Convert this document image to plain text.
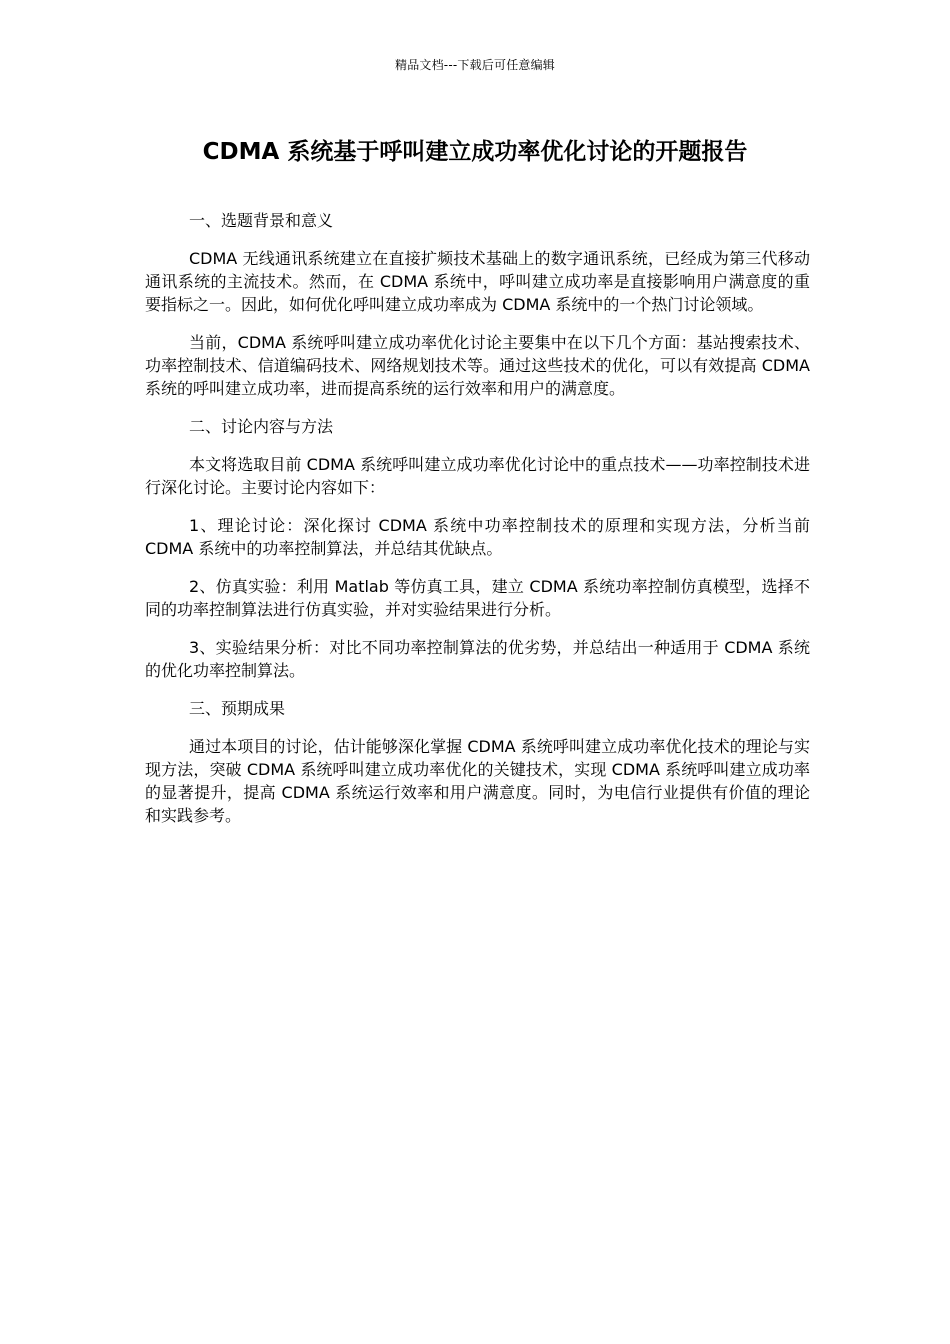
精品文档---下载后可任意编辑
CDMA 系统基于呼叫建立成功率优化讨论的开题报告

一、选题背景和意义

CDMA 无线通讯系统建立在直接扩频技术基础上的数字通讯系统，已经成为第三代移动通讯系统的主流技术。然而，在 CDMA 系统中，呼叫建立成功率是直接影响用户满意度的重要指标之一。因此，如何优化呼叫建立成功率成为 CDMA 系统中的一个热门讨论领域。

当前，CDMA 系统呼叫建立成功率优化讨论主要集中在以下几个方面：基站搜索技术、功率控制技术、信道编码技术、网络规划技术等。通过这些技术的优化，可以有效提高 CDMA 系统的呼叫建立成功率，进而提高系统的运行效率和用户的满意度。

二、讨论内容与方法

本文将选取目前 CDMA 系统呼叫建立成功率优化讨论中的重点技术——功率控制技术进行深化讨论。主要讨论内容如下：

1、理论讨论：深化探讨 CDMA 系统中功率控制技术的原理和实现方法，分析当前 CDMA 系统中的功率控制算法，并总结其优缺点。

2、仿真实验：利用 Matlab 等仿真工具，建立 CDMA 系统功率控制仿真模型，选择不同的功率控制算法进行仿真实验，并对实验结果进行分析。

3、实验结果分析：对比不同功率控制算法的优劣势，并总结出一种适用于 CDMA 系统的优化功率控制算法。

三、预期成果

通过本项目的讨论，估计能够深化掌握 CDMA 系统呼叫建立成功率优化技术的理论与实现方法，突破 CDMA 系统呼叫建立成功率优化的关键技术，实现 CDMA 系统呼叫建立成功率的显著提升，提高 CDMA 系统运行效率和用户满意度。同时，为电信行业提供有价值的理论和实践参考。
